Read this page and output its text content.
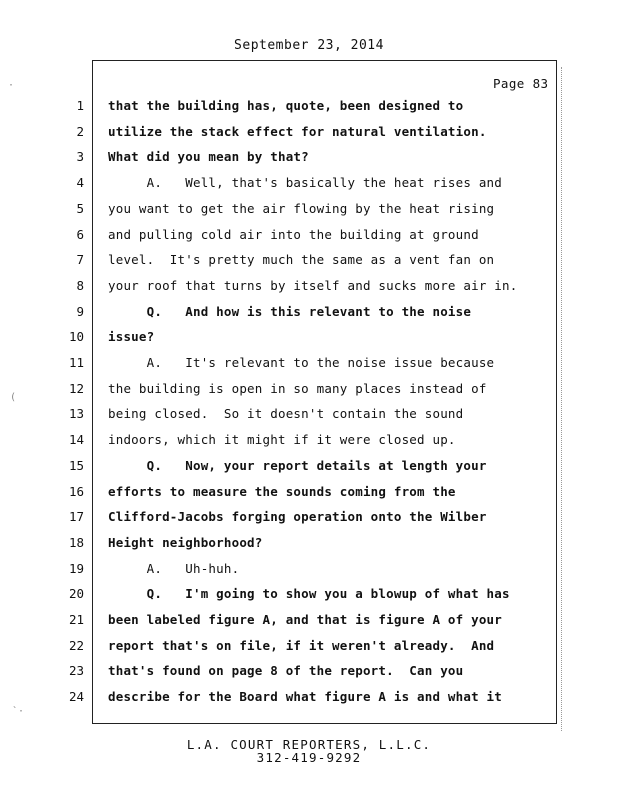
September 23, 2014
Page 83
1 that the building has, quote, been designed to
2 utilize the stack effect for natural ventilation.
3 What did you mean by that?
4 A.   Well, that's basically the heat rises and
5 you want to get the air flowing by the heat rising
6 and pulling cold air into the building at ground
7 level.  It's pretty much the same as a vent fan on
8 your roof that turns by itself and sucks more air in.
9 Q.   And how is this relevant to the noise
10 issue?
11 A.   It's relevant to the noise issue because
12 the building is open in so many places instead of
13 being closed.  So it doesn't contain the sound
14 indoors, which it might if it were closed up.
15 Q.   Now, your report details at length your
16 efforts to measure the sounds coming from the
17 Clifford-Jacobs forging operation onto the Wilber
18 Height neighborhood?
19 A.   Uh-huh.
20 Q.   I'm going to show you a blowup of what has
21 been labeled figure A, and that is figure A of your
22 report that's on file, if it weren't already.  And
23 that's found on page 8 of the report.  Can you
24 describe for the Board what figure A is and what it
L.A. COURT REPORTERS, L.L.C.
312-419-9292
·
(
`·
